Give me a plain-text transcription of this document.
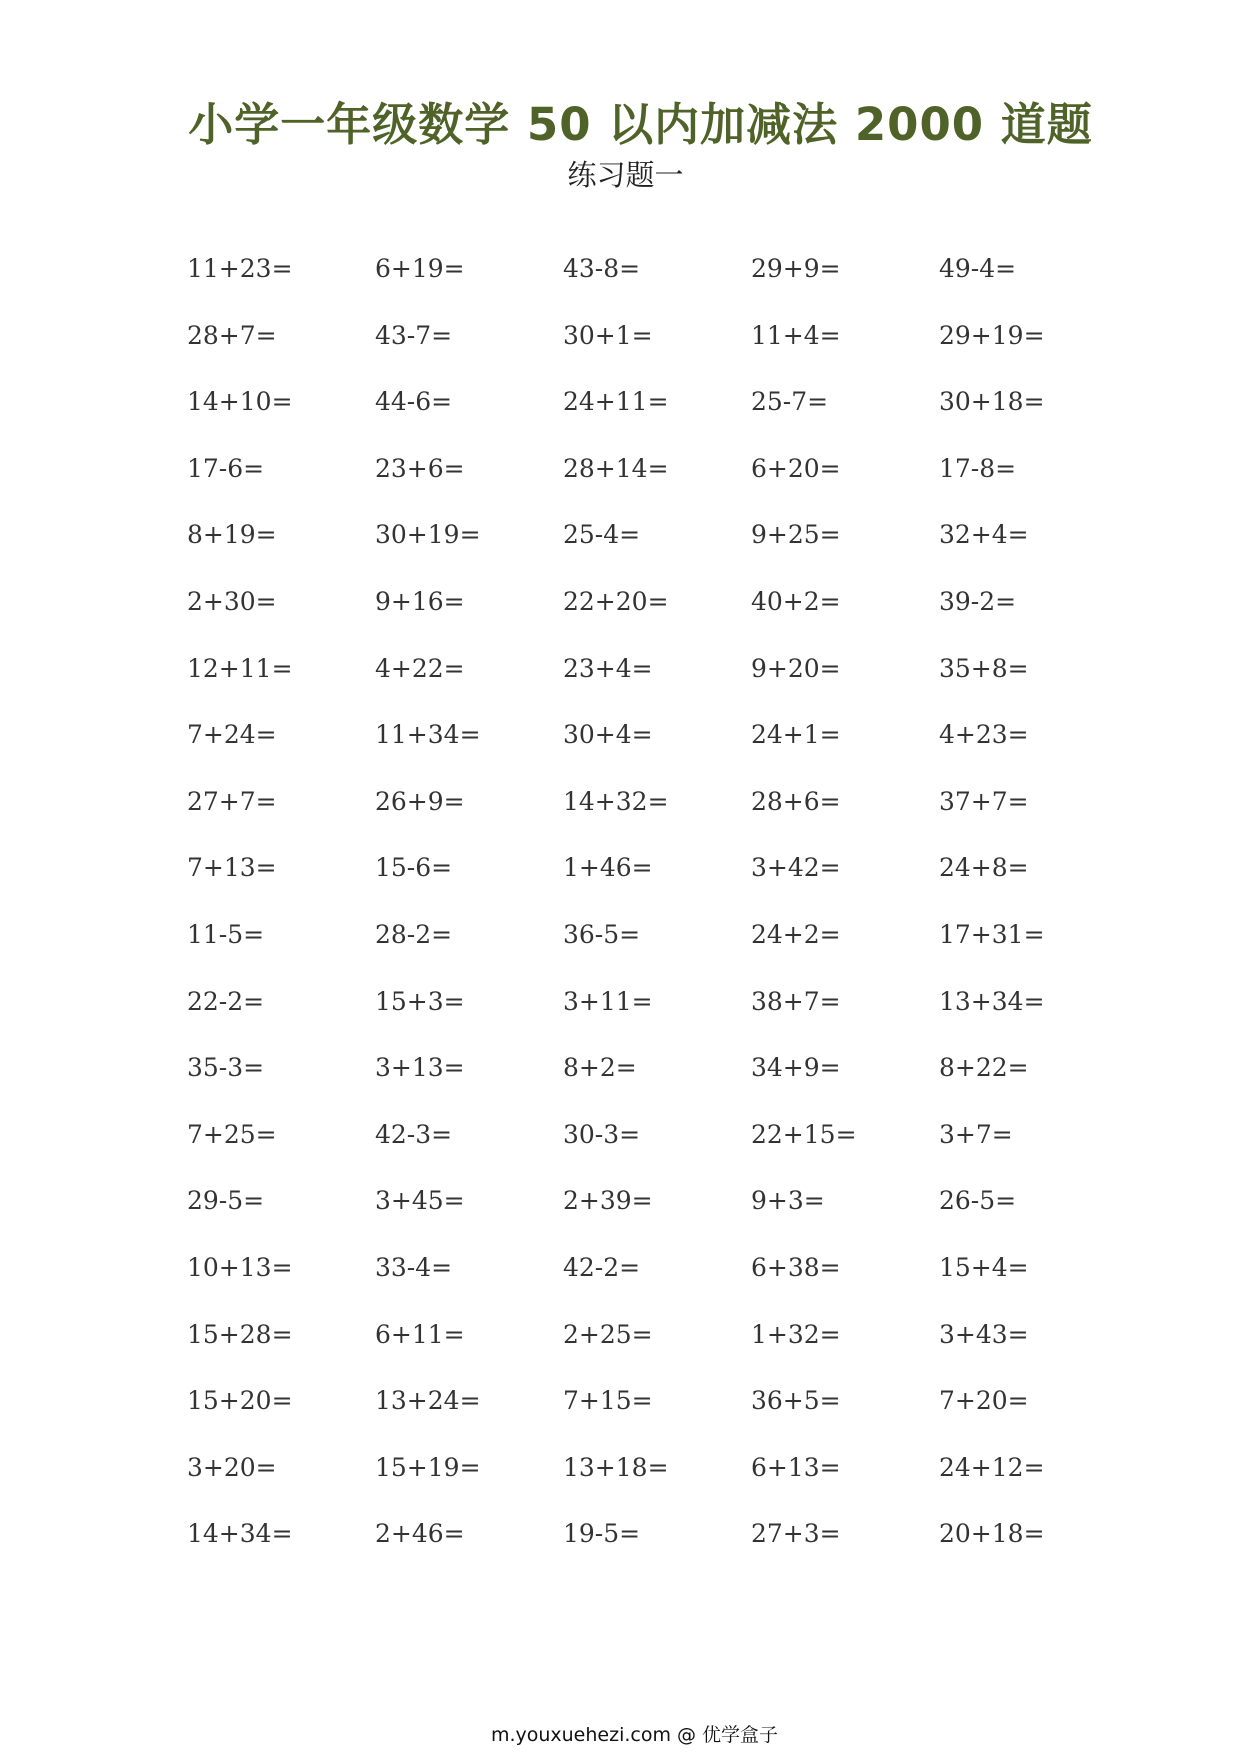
小学一年级数学 50 以内加减法 2000 道题
练习题一
11+23=	6+19=	43-8=	29+9=	49-4=
28+7=	43-7=	30+1=	11+4=	29+19=
14+10=	44-6=	24+11=	25-7=	30+18=
17-6=	23+6=	28+14=	6+20=	17-8=
8+19=	30+19=	25-4=	9+25=	32+4=
2+30=	9+16=	22+20=	40+2=	39-2=
12+11=	4+22=	23+4=	9+20=	35+8=
7+24=	11+34=	30+4=	24+1=	4+23=
27+7=	26+9=	14+32=	28+6=	37+7=
7+13=	15-6=	1+46=	3+42=	24+8=
11-5=	28-2=	36-5=	24+2=	17+31=
22-2=	15+3=	3+11=	38+7=	13+34=
35-3=	3+13=	8+2=	34+9=	8+22=
7+25=	42-3=	30-3=	22+15=	3+7=
29-5=	3+45=	2+39=	9+3=	26-5=
10+13=	33-4=	42-2=	6+38=	15+4=
15+28=	6+11=	2+25=	1+32=	3+43=
15+20=	13+24=	7+15=	36+5=	7+20=
3+20=	15+19=	13+18=	6+13=	24+12=
14+34=	2+46=	19-5=	27+3=	20+18=
m.youxuehezi.com @ 优学盒子
